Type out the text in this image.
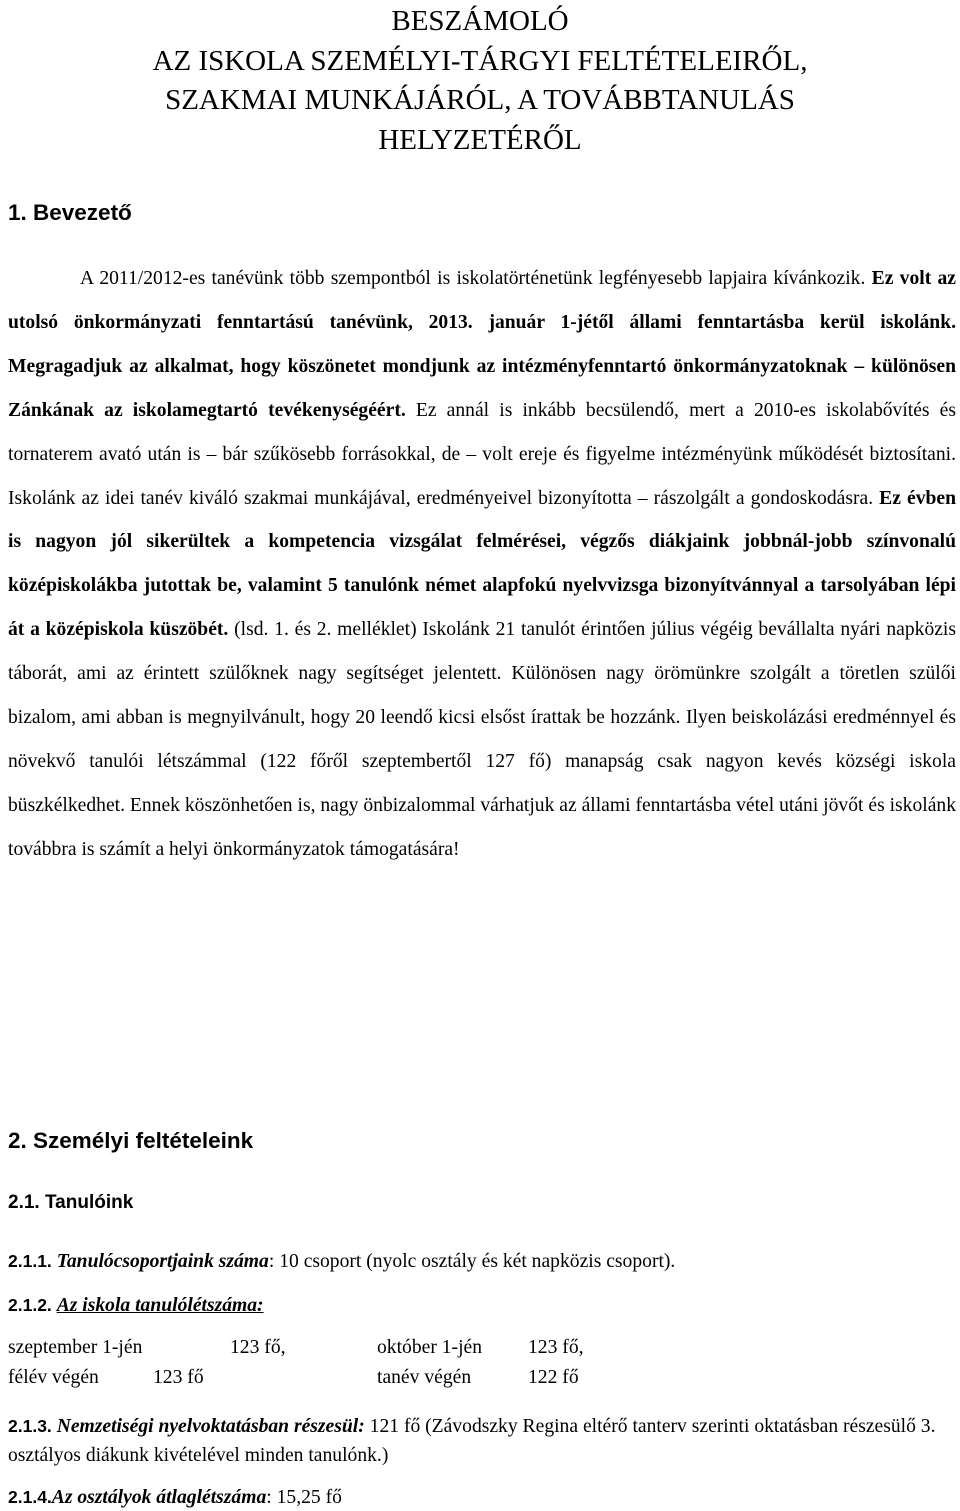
BESZÁMOLÓ
AZ ISKOLA SZEMÉLYI-TÁRGYI FELTÉTELEIRŐL,
SZAKMAI MUNKÁJÁRÓL, A TOVÁBBTANULÁS
HELYZETÉRŐL
1. Bevezető
A 2011/2012-es tanévünk több szempontból is iskolatörténetünk legfényesebb lapjaira kívánkozik. Ez volt az utolsó önkormányzati fenntartású tanévünk, 2013. január 1-jétől állami fenntartásba kerül iskolánk. Megragadjuk az alkalmat, hogy köszönetet mondjunk az intézményfenntartó önkormányzatoknak – különösen Zánkának az iskolamegtartó tevékenységéért. Ez annál is inkább becsülendő, mert a 2010-es iskolabővítés és tornaterem avató után is – bár szűkösebb forrásokkal, de – volt ereje és figyelme intézményünk működését biztosítani. Iskolánk az idei tanév kiváló szakmai munkájával, eredményeivel bizonyította – rászolgált a gondoskodásra. Ez évben is nagyon jól sikerültek a kompetencia vizsgálat felmérései, végzős diákjaink jobbnál-jobb színvonalú középiskolákba jutottak be, valamint 5 tanulónk német alapfokú nyelvvizsga bizonyítvánnyal a tarsolyában lépi át a középiskola küszöbét. (lsd. 1. és 2. melléklet) Iskolánk 21 tanulót érintően július végéig bevállalta nyári napközis táborát, ami az érintett szülőknek nagy segítséget jelentett. Különösen nagy örömünkre szolgált a töretlen szülői bizalom, ami abban is megnyilvánult, hogy 20 leendő kicsi elsőst írattak be hozzánk. Ilyen beiskolázási eredménnyel és növekvő tanulói létszámmal (122 főről szeptembertől 127 fő) manapság csak nagyon kevés községi iskola büszkélkedhet. Ennek köszönhetően is, nagy önbizalommal várhatjuk az állami fenntartásba vétel utáni jövőt és iskolánk továbbra is számít a helyi önkormányzatok támogatására!
2. Személyi feltételeink
2.1. Tanulóink
2.1.1. Tanulócsoportjaink száma: 10 csoport (nyolc osztály és két napközis csoport).
2.1.2. Az iskola tanulólétszáma:
szeptember 1-jén	123 fő,	október 1-jén 123 fő,
félév végén	123 fő	tanév végén	122 fő
2.1.3. Nemzetiségi nyelvoktatásban részesül: 121 fő (Závodszky Regina eltérő tanterv szerinti oktatásban részesülő 3. osztályos diákunk kivételével minden tanulónk.)
2.1.4.Az osztályok átlaglétszáma: 15,25 fő
